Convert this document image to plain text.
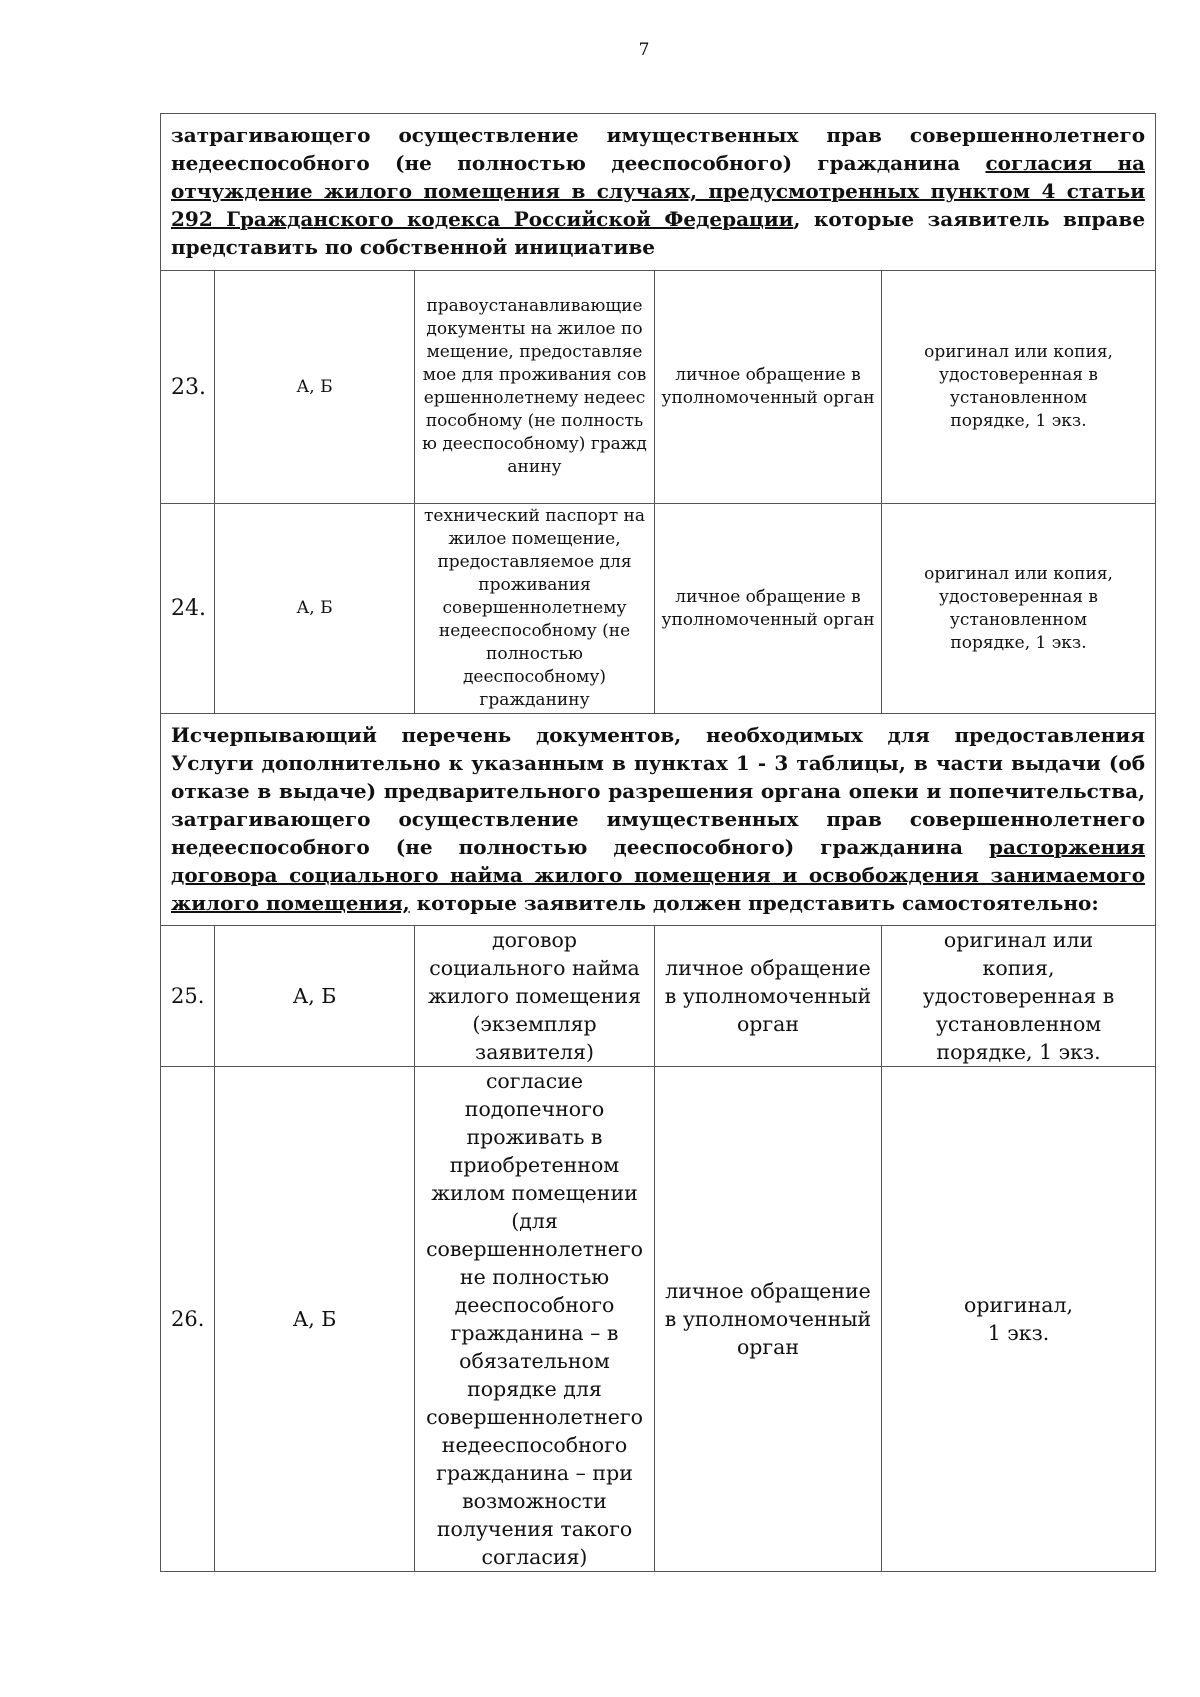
7
затрагивающего осуществление имущественных прав совершеннолетнего недееспособного (не полностью дееспособного) гражданина согласия на отчуждение жилого помещения в случаях, предусмотренных пунктом 4 статьи 292 Гражданского кодекса Российской Федерации, которые заявитель вправе представить по собственной инициативе				
23.	А, Б	правоустанавливающие документы на жилое помещение, предоставляемое для проживания совершеннолетнему недееспособному (не полностью дееспособному) гражданину	личное обращение в уполномоченный орган	оригинал или копия, удостоверенная в установленном порядке, 1 экз.
24.	А, Б	технический паспорт на жилое помещение, предоставляемое для проживания совершеннолетнему недееспособному (не полностью дееспособному) гражданину	личное обращение в уполномоченный орган	оригинал или копия, удостоверенная в установленном порядке, 1 экз.
Исчерпывающий перечень документов, необходимых для предоставления Услуги дополнительно к указанным в пунктах 1 - 3 таблицы, в части выдачи (об отказе в выдаче) предварительного разрешения органа опеки и попечительства, затрагивающего осуществление имущественных прав совершеннолетнего недееспособного (не полностью дееспособного) гражданина расторжения договора социального найма жилого помещения и освобождения занимаемого жилого помещения, которые заявитель должен представить самостоятельно:				
25.	А, Б	договор социального найма жилого помещения (экземпляр заявителя)	личное обращение в уполномоченный орган	оригинал или копия, удостоверенная в установленном порядке, 1 экз.
26.	А, Б	согласие подопечного проживать в приобретенном жилом помещении (для совершеннолетнего не полностью дееспособного гражданина – в обязательном порядке для совершеннолетнего недееспособного гражданина – при возможности получения такого согласия)	личное обращение в уполномоченный орган	оригинал, 1 экз.
